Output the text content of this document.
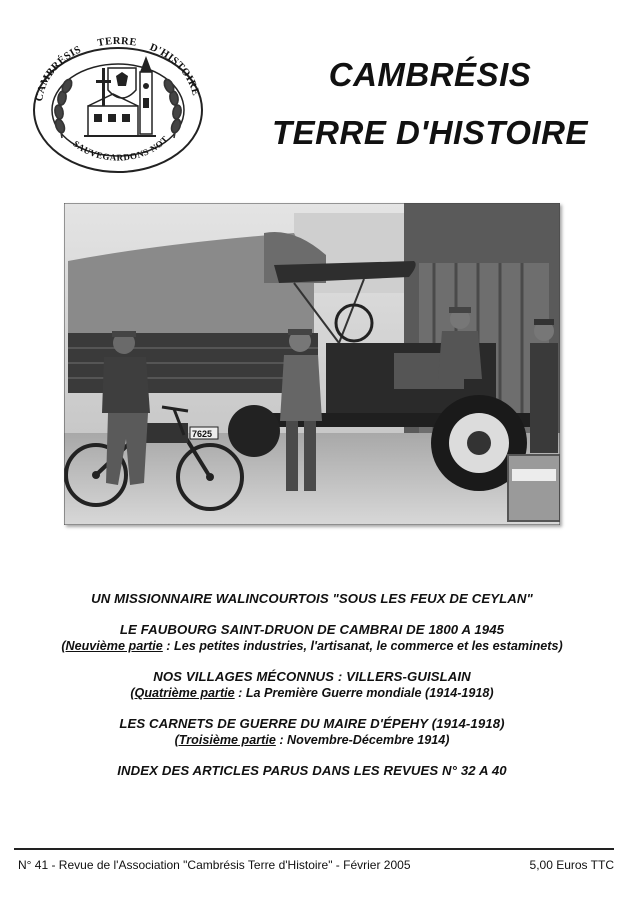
CAMBRÉSIS TERRE D'HISTOIRE
SAUVEGARDONS NOT
CAMBRÉSIS
TERRE D'HISTOIRE
7625
UN MISSIONNAIRE WALINCOURTOIS "SOUS LES FEUX DE CEYLAN"
LE FAUBOURG SAINT-DRUON DE CAMBRAI DE 1800 A 1945
(Neuvième partie : Les petites industries, l'artisanat, le commerce et les estaminets)
NOS VILLAGES MÉCONNUS : VILLERS-GUISLAIN
(Quatrième partie : La Première Guerre mondiale (1914-1918)
LES CARNETS DE GUERRE DU MAIRE D'ÉPEHY (1914-1918)
(Troisième partie : Novembre-Décembre 1914)
INDEX DES ARTICLES PARUS DANS LES REVUES N° 32 A 40
N° 41 - Revue de l'Association "Cambrésis Terre d'Histoire" - Février 2005	5,00 Euros TTC
